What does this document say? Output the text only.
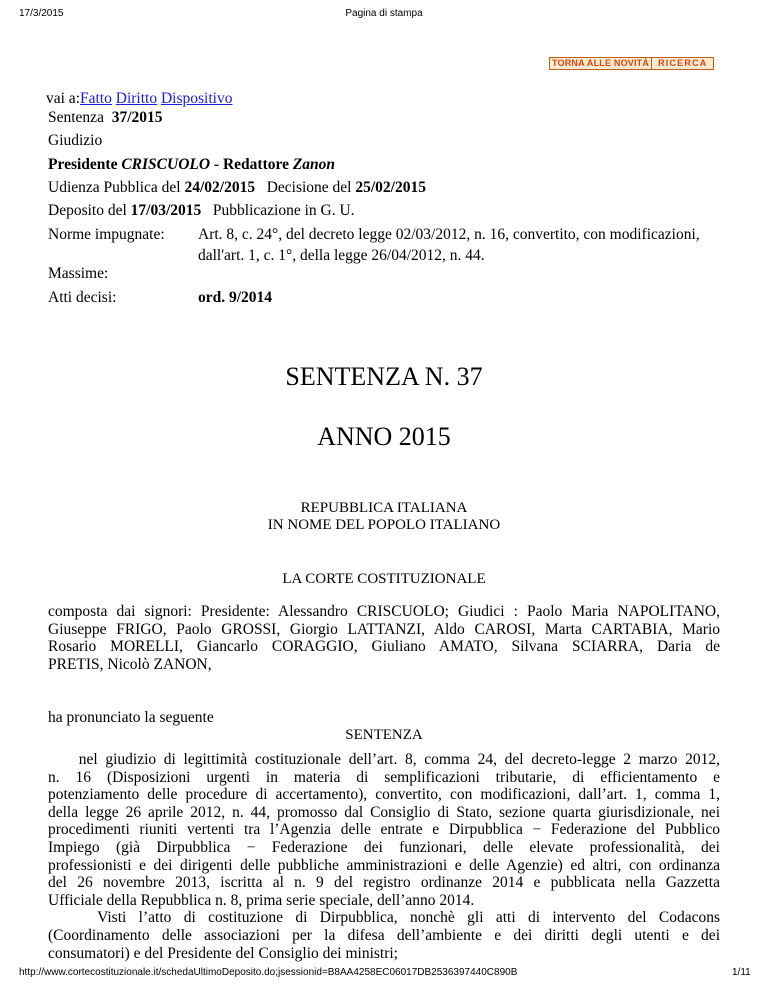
17/3/2015	Pagina di stampa
TORNA ALLE NOVITÀ	RICERCA
vai a:Fatto Diritto Dispositivo
Sentenza 37/2015
Giudizio
Presidente CRISCUOLO - Redattore Zanon
Udienza Pubblica del 24/02/2015 Decisione del 25/02/2015
Deposito del 17/03/2015 Pubblicazione in G. U.
Norme impugnate: Art. 8, c. 24°, del decreto legge 02/03/2012, n. 16, convertito, con modificazioni,
dall'art. 1, c. 1°, della legge 26/04/2012, n. 44.
Massime:
Atti decisi:	ord. 9/2014
SENTENZA N. 37
ANNO 2015
REPUBBLICA ITALIANA
IN NOME DEL POPOLO ITALIANO
LA CORTE COSTITUZIONALE
composta dai signori: Presidente: Alessandro CRISCUOLO; Giudici : Paolo Maria NAPOLITANO,
Giuseppe FRIGO, Paolo GROSSI, Giorgio LATTANZI, Aldo CAROSI, Marta CARTABIA, Mario
Rosario MORELLI, Giancarlo CORAGGIO, Giuliano AMATO, Silvana SCIARRA, Daria de
PRETIS, Nicolò ZANON,
ha pronunciato la seguente
SENTENZA
nel giudizio di legittimità costituzionale dell’art. 8, comma 24, del decreto-legge 2 marzo 2012,
n. 16 (Disposizioni urgenti in materia di semplificazioni tributarie, di efficientamento e
potenziamento delle procedure di accertamento), convertito, con modificazioni, dall’art. 1, comma 1,
della legge 26 aprile 2012, n. 44, promosso dal Consiglio di Stato, sezione quarta giurisdizionale, nei
procedimenti riuniti vertenti tra l’Agenzia delle entrate e Dirpubblica − Federazione del Pubblico
Impiego (già Dirpubblica − Federazione dei funzionari, delle elevate professionalità, dei
professionisti e dei dirigenti delle pubbliche amministrazioni e delle Agenzie) ed altri, con ordinanza
del 26 novembre 2013, iscritta al n. 9 del registro ordinanze 2014 e pubblicata nella Gazzetta
Ufficiale della Repubblica n. 8, prima serie speciale, dell’anno 2014.
Visti l’atto di costituzione di Dirpubblica, nonchè gli atti di intervento del Codacons
(Coordinamento delle associazioni per la difesa dell’ambiente e dei diritti degli utenti e dei
consumatori) e del Presidente del Consiglio dei ministri;
http://www.cortecostituzionale.it/schedaUltimoDeposito.do;jsessionid=B8AA4258EC06017DB2536397440C890B	1/11
